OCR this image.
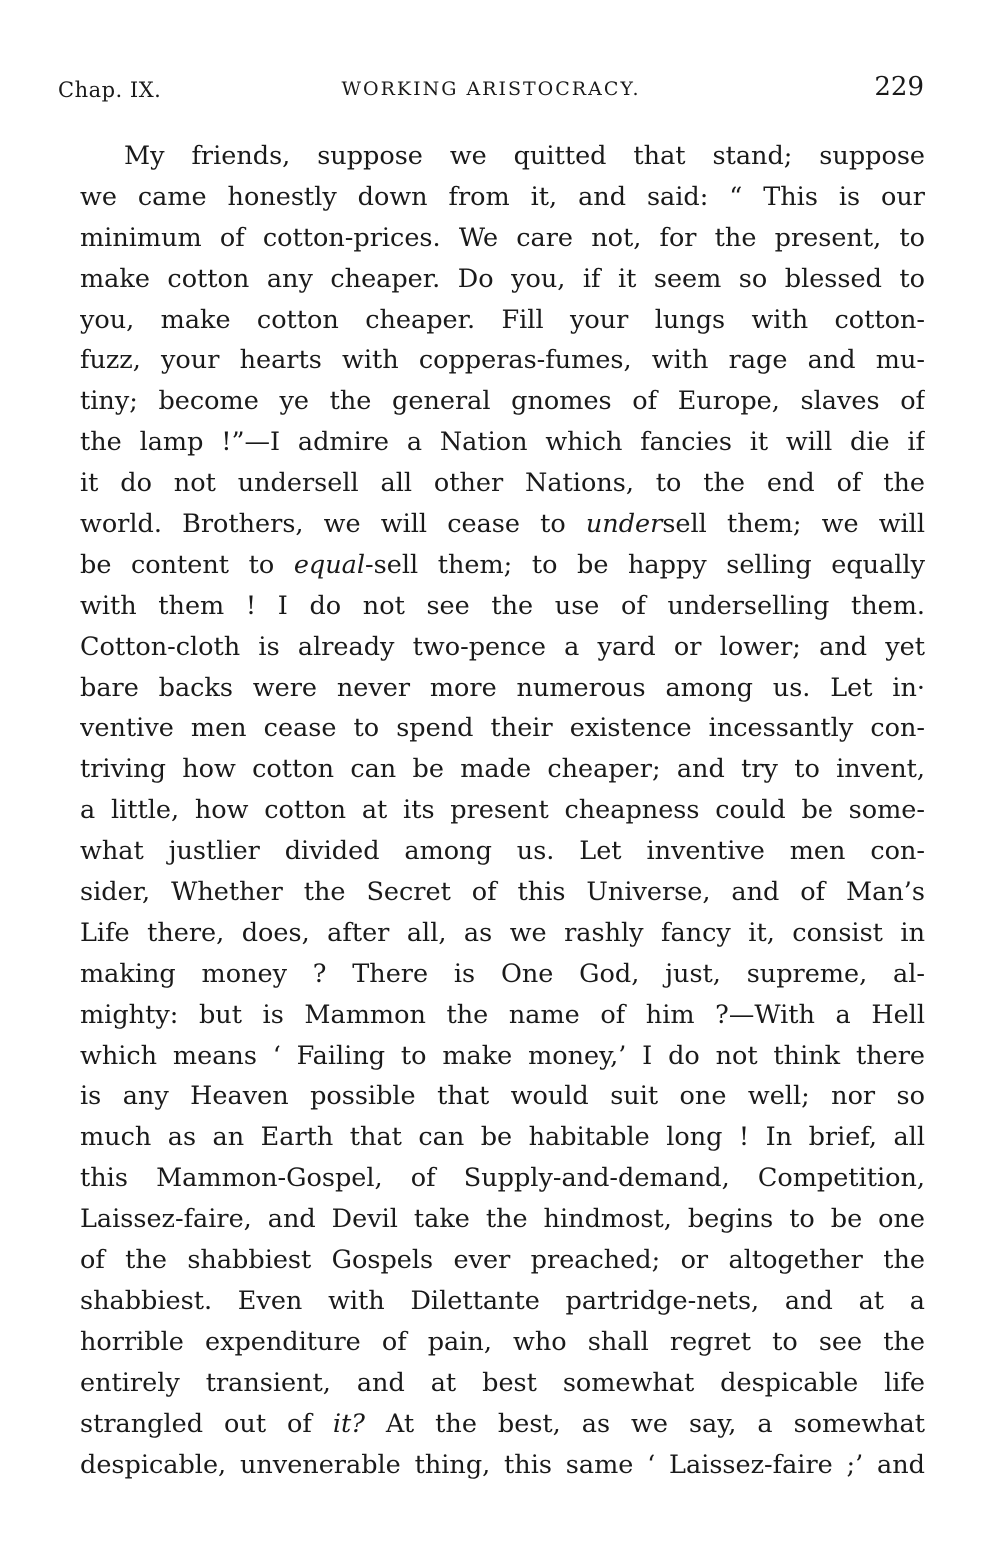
Chap. IX.	WORKING ARISTOCRACY.	229
My friends, suppose we quitted that stand; suppose
we came honestly down from it, and said: “ This is our
minimum of cotton-prices. We care not, for the present, to
make cotton any cheaper. Do you, if it seem so blessed to
you, make cotton cheaper. Fill your lungs with cotton-
fuzz, your hearts with copperas-fumes, with rage and mu-
tiny; become ye the general gnomes of Europe, slaves of
the lamp !”—I admire a Nation which fancies it will die if
it do not undersell all other Nations, to the end of the
world. Brothers, we will cease to undersell them; we will
be content to equal-sell them; to be happy selling equally
with them ! I do not see the use of underselling them.
Cotton-cloth is already two-pence a yard or lower; and yet
bare backs were never more numerous among us. Let in·
ventive men cease to spend their existence incessantly con-
triving how cotton can be made cheaper; and try to invent,
a little, how cotton at its present cheapness could be some-
what justlier divided among us. Let inventive men con-
sider, Whether the Secret of this Universe, and of Man’s
Life there, does, after all, as we rashly fancy it, consist in
making money ? There is One God, just, supreme, al-
mighty: but is Mammon the name of him ?—With a Hell
which means ‘ Failing to make money,’ I do not think there
is any Heaven possible that would suit one well; nor so
much as an Earth that can be habitable long ! In brief, all
this Mammon-Gospel, of Supply-and-demand, Competition,
Laissez-faire, and Devil take the hindmost, begins to be one
of the shabbiest Gospels ever preached; or altogether the
shabbiest. Even with Dilettante partridge-nets, and at a
horrible expenditure of pain, who shall regret to see the
entirely transient, and at best somewhat despicable life
strangled out of it? At the best, as we say, a somewhat
despicable, unvenerable thing, this same ‘ Laissez-faire ;’ and
